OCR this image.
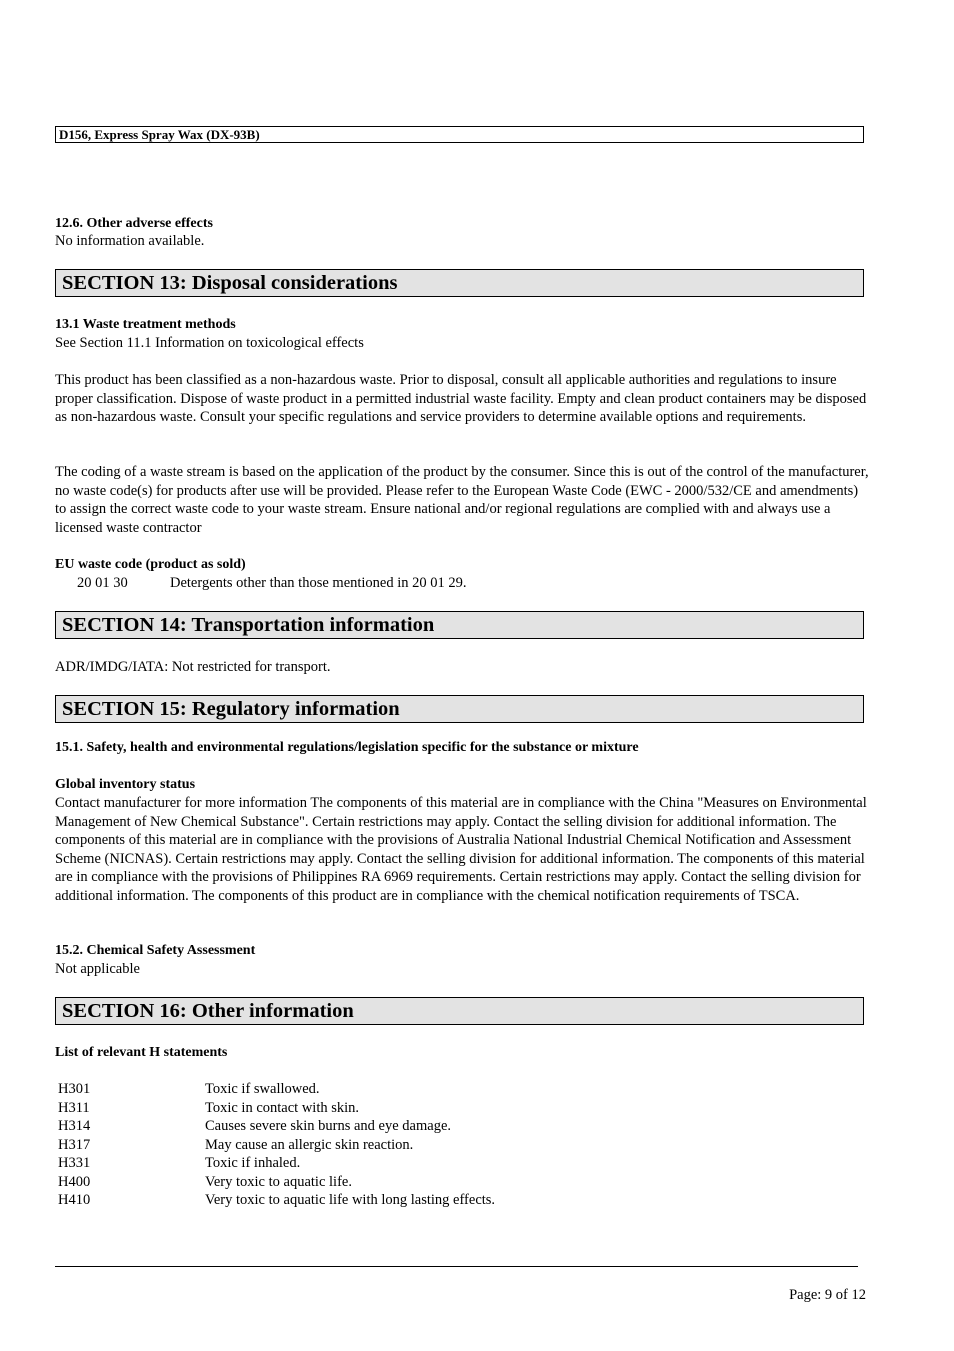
D156, Express Spray Wax (DX-93B)
12.6. Other adverse effects
No information available.
SECTION 13: Disposal considerations
13.1 Waste treatment methods
See Section 11.1 Information on toxicological effects
This product has been classified as a non-hazardous waste. Prior to disposal, consult all applicable authorities and regulations to insure proper classification. Dispose of waste product in a permitted industrial waste facility. Empty and clean product containers may be disposed as non-hazardous waste. Consult your specific regulations and service providers to determine available options and requirements.
The coding of a waste stream is based on the application of the product by the consumer. Since this is out of the control of the manufacturer, no waste code(s) for products after use will be provided. Please refer to the European Waste Code (EWC - 2000/532/CE and amendments) to assign the correct waste code to your waste stream. Ensure national and/or regional regulations are complied with and always use a licensed waste contractor
EU waste code (product as sold)
20 01 30	Detergents other than those mentioned in 20 01 29.
SECTION 14: Transportation information
ADR/IMDG/IATA: Not restricted for transport.
SECTION 15: Regulatory information
15.1. Safety, health and environmental regulations/legislation specific for the substance or mixture
Global inventory status
Contact manufacturer for more information The components of this material are in compliance with the China "Measures on Environmental Management of New Chemical Substance". Certain restrictions may apply. Contact the selling division for additional information. The components of this material are in compliance with the provisions of Australia National Industrial Chemical Notification and Assessment Scheme (NICNAS). Certain restrictions may apply. Contact the selling division for additional information. The components of this material are in compliance with the provisions of Philippines RA 6969 requirements. Certain restrictions may apply. Contact the selling division for additional information. The components of this product are in compliance with the chemical notification requirements of TSCA.
15.2. Chemical Safety Assessment
Not applicable
SECTION 16: Other information
List of relevant H statements
H301	Toxic if swallowed.
H311	Toxic in contact with skin.
H314	Causes severe skin burns and eye damage.
H317	May cause an allergic skin reaction.
H331	Toxic if inhaled.
H400	Very toxic to aquatic life.
H410	Very toxic to aquatic life with long lasting effects.
Page: 9 of 12
